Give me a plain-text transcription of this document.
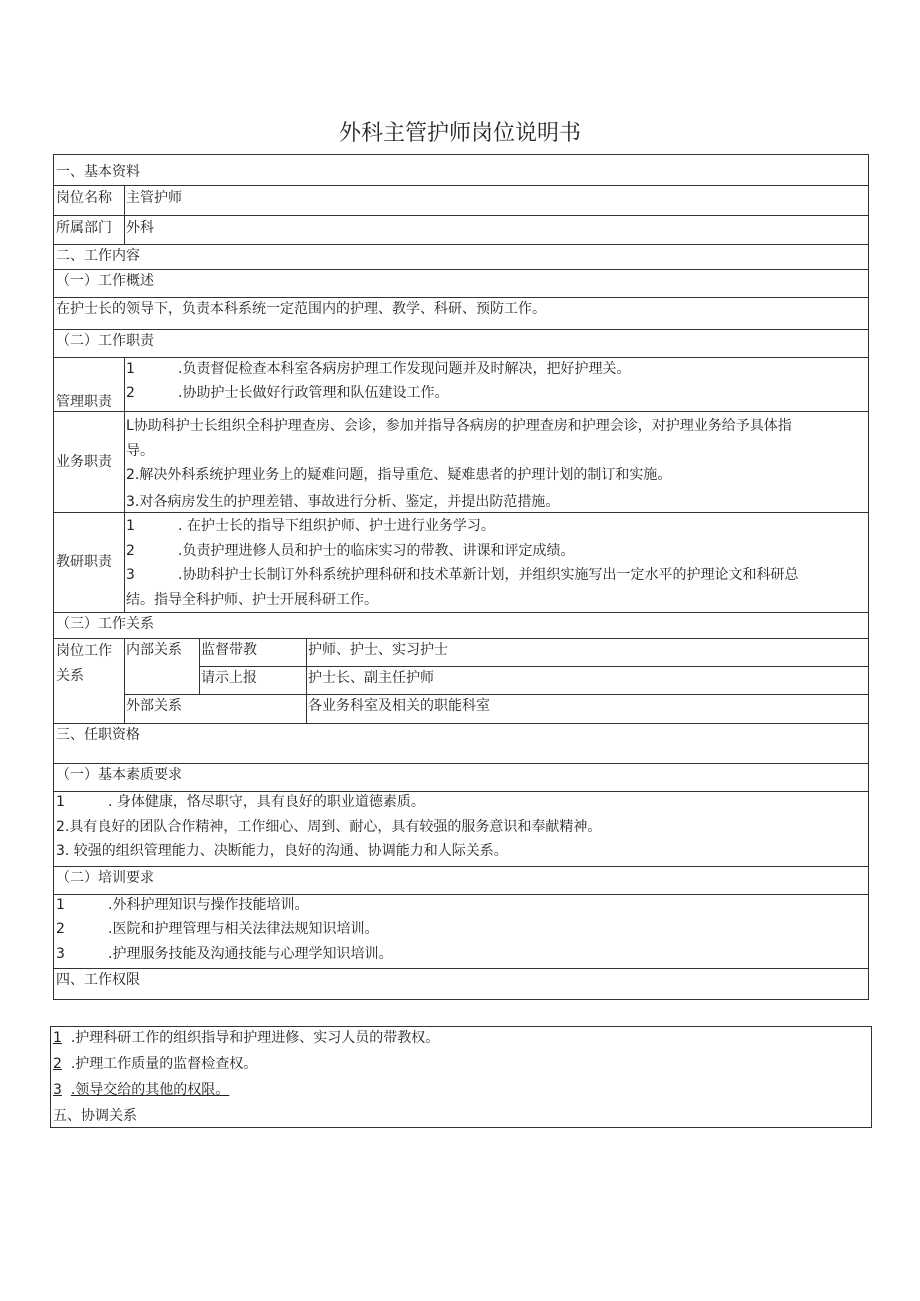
外科主管护师岗位说明书
一、基本资料
岗位名称 主管护师
所属部门 外科
二、工作内容
（一）工作概述
在护士长的领导下，负责本科系统一定范围内的护理、教学、科研、预防工作。
（二）工作职责
管理职责
1	.负责督促检查本科室各病房护理工作发现问题并及时解决，把好护理关。
2	.协助护士长做好行政管理和队伍建设工作。
业务职责
L协助科护士长组织全科护理查房、会诊，参加并指导各病房的护理查房和护理会诊，对护理业务给予具体指
导。
2.解决外科系统护理业务上的疑难问题，指导重危、疑难患者的护理计划的制订和实施。
3.对各病房发生的护理差错、事故进行分析、鉴定，并提出防范措施。
教研职责
1	. 在护士长的指导下组织护师、护士进行业务学习。
2	.负责护理进修人员和护士的临床实习的带教、讲课和评定成绩。
3	.协助科护士长制订外科系统护理科研和技术革新计划，并组织实施写出一定水平的护理论文和科研总
结。指导全科护师、护士开展科研工作。
（三）工作关系
岗位工作
关系
内部关系 监督带教	护师、护士、实习护士
请示上报	护士长、副主任护师
外部关系	各业务科室及相关的职能科室
三、任职资格
（一）基本素质要求
1	. 身体健康，恪尽职守，具有良好的职业道德素质。
2.具有良好的团队合作精神，工作细心、周到、耐心，具有较强的服务意识和奉献精神。
3. 较强的组织管理能力、决断能力，良好的沟通、协调能力和人际关系。
（二）培训要求
1	.外科护理知识与操作技能培训。
2	.医院和护理管理与相关法律法规知识培训。
3	.护理服务技能及沟通技能与心理学知识培训。
四、工作权限
1 .护理科研工作的组织指导和护理进修、实习人员的带教权。
2 .护理工作质量的监督检查权。
3 .领导交给的其他的权限。
五、协调关系
